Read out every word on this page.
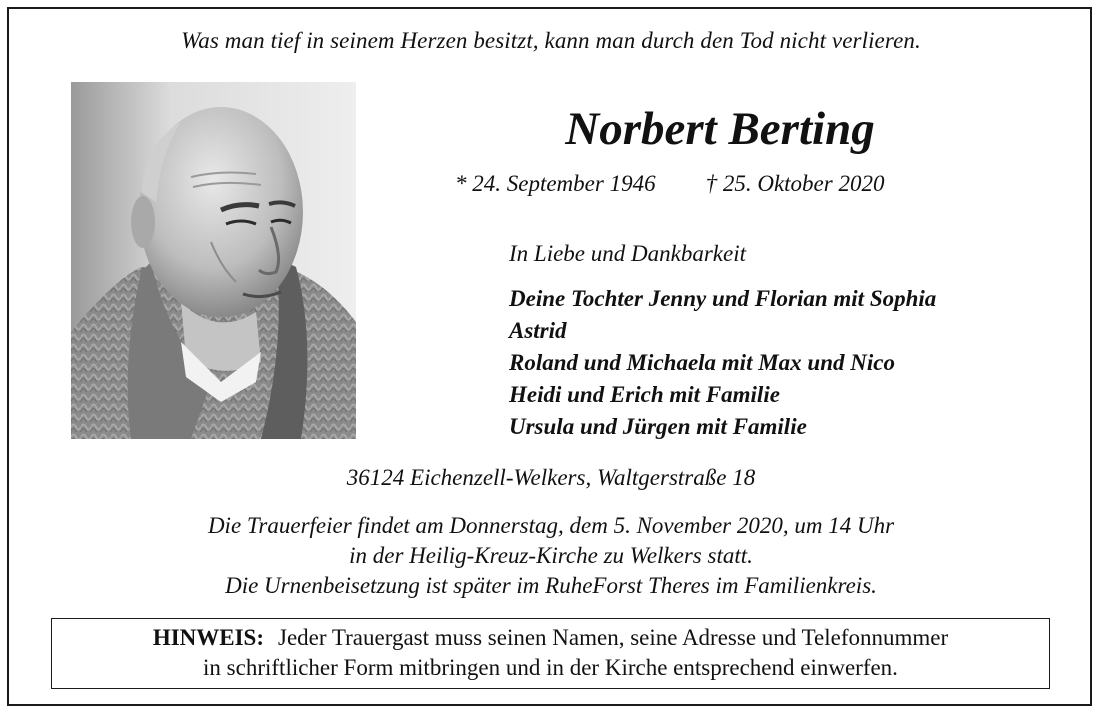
Was man tief in seinem Herzen besitzt, kann man durch den Tod nicht verlieren.
Norbert Berting
* 24. September 1946 † 25. Oktober 2020
In Liebe und Dankbarkeit
Deine Tochter Jenny und Florian mit Sophia
Astrid
Roland und Michaela mit Max und Nico
Heidi und Erich mit Familie
Ursula und Jürgen mit Familie
36124 Eichenzell-Welkers, Waltgerstraße 18
Die Trauerfeier findet am Donnerstag, dem 5. November 2020, um 14 Uhr
in der Heilig-Kreuz-Kirche zu Welkers statt.
Die Urnenbeisetzung ist später im RuheForst Theres im Familienkreis.
HINWEIS: Jeder Trauergast muss seinen Namen, seine Adresse und Telefonnummer
in schriftlicher Form mitbringen und in der Kirche entsprechend einwerfen.
